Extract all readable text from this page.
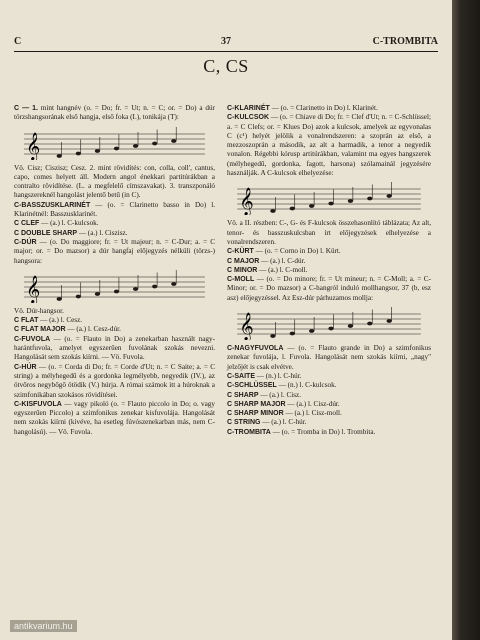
C	37	C-TROMBITA
C, CS

C — 1. mint hangnév (o. = Do; fr. = Ut; n. = C; or. = Do) a dúr törzshangsorának első hangja, első foka (I.), tonikája (T):

𝄞

Vö. Cisz; Ciszisz; Cesz. 2. mint rövidítés: con, colla, coll', cantus, capo, comes helyett áll. Modern angol énekkari partitúrákban a contralto rövidítése. (L. a megfelelő címszavakat). 3. transzponáló hangszereknél hangolást jelentő betű (in C).

C-BASSZUSKLARINÉT — (o. = Clarinetto basso in Do) l. Klarinétnél: Basszusklarinét.

C CLEF — (a.) l. C-kulcsok.

C DOUBLE SHARP — (a.) l. Ciszisz.

C-DÚR — (o. Do maggiore; fr. = Ut majeur; n. = C-Dur; a. = C major; or. = Do mazsor) a dúr hangfaj előjegyzés nélküli (törzs-) hangsora:

𝄞

Vö. Dúr-hangsor.

C FLAT — (a.) l. Cesz.

C FLAT MAJOR — (a.) l. Cesz-dúr.

C-FUVOLA — (o. = Flauto in Do) a zenekarban használt nagy-harántfuvola, amelyet egyszerűen fuvolának szokás nevezni. Hangolását sem szokás kiírni. — Vö. Fuvola.

C-HÚR — (o. = Corda di Do; fr. = Corde d'Ut; n. = C Saite; a. = C string) a mélyhegedű és a gordonka legmélyebb, negyedik (IV.), az ötvőros negybőgő ötödik (V.) húrja. A római számok itt a húroknak a szimfonikában szokásos rövidítései.

C-KISFUVOLA — vagy pikoló (o. = Flauto piccolo in Do; o. vagy egyszerűen Piccolo) a szimfonikus zenekar kisfuvolája. Hangolását nem szokás kiírni (kivéve, ha esetleg fúvószenekarban más, nem C-hangolású). — Vö. Fuvola.

C-KLARINÉT — (o. = Clarinetto in Do) l. Klarinét.

C-KULCSOK — (o. = Chiave di Do; fr. = Clef d'Ut; n. = C-Schlüssel; a. = C Clefs; or. = Klues Do) azok a kulcsok, amelyek az egyvonalas C (c¹) helyét jelölik a vonalrendszeren: a szoprán az első, a mezzoszoprán a második, az alt a harmadik, a tenor a negyedik vonalon. Régebbi kórusp artitúrákban, valamint ma egyes hangszerek (mélyhegedű, gordonka, fagott, harsona) szólamainál jegyzésére használják. A C-kulcsok elhelyezése:

𝄞

Vö. a II. részben: C-, G- és F-kulcsok összehasonlító táblázata; Az alt, tenor- és basszuskulcsban írt előjegyzések elhelyezése a vonalrendszeren.

C-KÜRT — (o. = Corno in Do) l. Kürt.

C MAJOR — (a.) l. C-dúr.

C MINOR — (a.) l. C-moll.

C-MOLL — (o. = Do minore; fr. = Ut mineur; n. = C-Moll; a. = C-Minor; or. = Do mazsor) a C-hangról induló mollhangsor, 37 (b, esz asz) előjegyzéssel. Az Esz-dúr párhuzamos mollja:

𝄞

C-NAGYFUVOLA — (o. = Flauto grande in Do) a szimfonikus zenekar fuvolája, l. Fuvola. Hangolását nem szokás kiírni, „nagy" jelzőjét is csak elvétve.

C-SAITE — (n.) l. C-húr.

C-SCHLÜSSEL — (n.) l. C-kulcsok.

C SHARP — (a.) l. Cisz.

C SHARP MAJOR — (a.) l. Cisz-dúr.

C SHARP MINOR — (a.) l. Cisz-moll.

C STRING — (a.) l. C-húr.

C-TROMBITA — (o. = Tromba in Do) l. Trombita.

antikvarium.hu
